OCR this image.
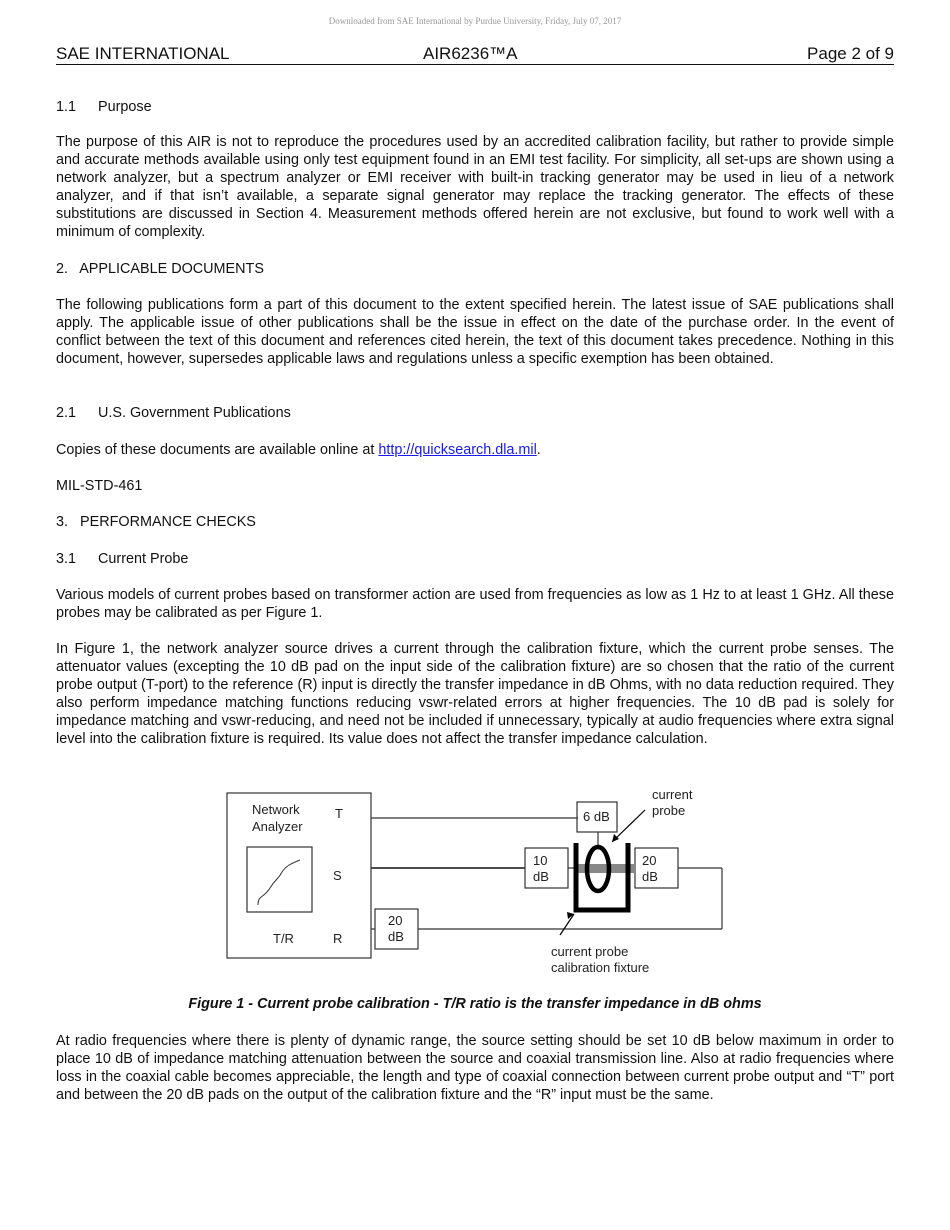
Downloaded from SAE International by Purdue University, Friday, July 07, 2017
SAE INTERNATIONAL	AIR6236™A	Page 2 of 9
1.1 Purpose
The purpose of this AIR is not to reproduce the procedures used by an accredited calibration facility, but rather to provide simple and accurate methods available using only test equipment found in an EMI test facility. For simplicity, all set-ups are shown using a network analyzer, but a spectrum analyzer or EMI receiver with built-in tracking generator may be used in lieu of a network analyzer, and if that isn’t available, a separate signal generator may replace the tracking generator. The effects of these substitutions are discussed in Section 4. Measurement methods offered herein are not exclusive, but found to work well with a minimum of complexity.
2.   APPLICABLE DOCUMENTS
The following publications form a part of this document to the extent specified herein. The latest issue of SAE publications shall apply. The applicable issue of other publications shall be the issue in effect on the date of the purchase order. In the event of conflict between the text of this document and references cited herein, the text of this document takes precedence. Nothing in this document, however, supersedes applicable laws and regulations unless a specific exemption has been obtained.
2.1 U.S. Government Publications
Copies of these documents are available online at http://quicksearch.dla.mil.
MIL-STD-461
3.   PERFORMANCE CHECKS
3.1 Current Probe
Various models of current probes based on transformer action are used from frequencies as low as 1 Hz to at least 1 GHz. All these probes may be calibrated as per Figure 1.
In Figure 1, the network analyzer source drives a current through the calibration fixture, which the current probe senses. The attenuator values (excepting the 10 dB pad on the input side of the calibration fixture) are so chosen that the ratio of the current probe output (T-port) to the reference (R) input is directly the transfer impedance in dB Ohms, with no data reduction required. They also perform impedance matching functions reducing vswr-related errors at higher frequencies. The 10 dB pad is solely for impedance matching and vswr-reducing, and need not be included if unnecessary, typically at audio frequencies where extra signal level into the calibration fixture is required. Its value does not affect the transfer impedance calculation.
Network
Analyzer
T
S
R
T/R
6 dB
10
dB
20
dB
20
dB
current
probe
current probe
calibration fixture
Figure 1 - Current probe calibration - T/R ratio is the transfer impedance in dB ohms
At radio frequencies where there is plenty of dynamic range, the source setting should be set 10 dB below maximum in order to place 10 dB of impedance matching attenuation between the source and coaxial transmission line. Also at radio frequencies where loss in the coaxial cable becomes appreciable, the length and type of coaxial connection between current probe output and “T” port and between the 20 dB pads on the output of the calibration fixture and the “R” input must be the same.
